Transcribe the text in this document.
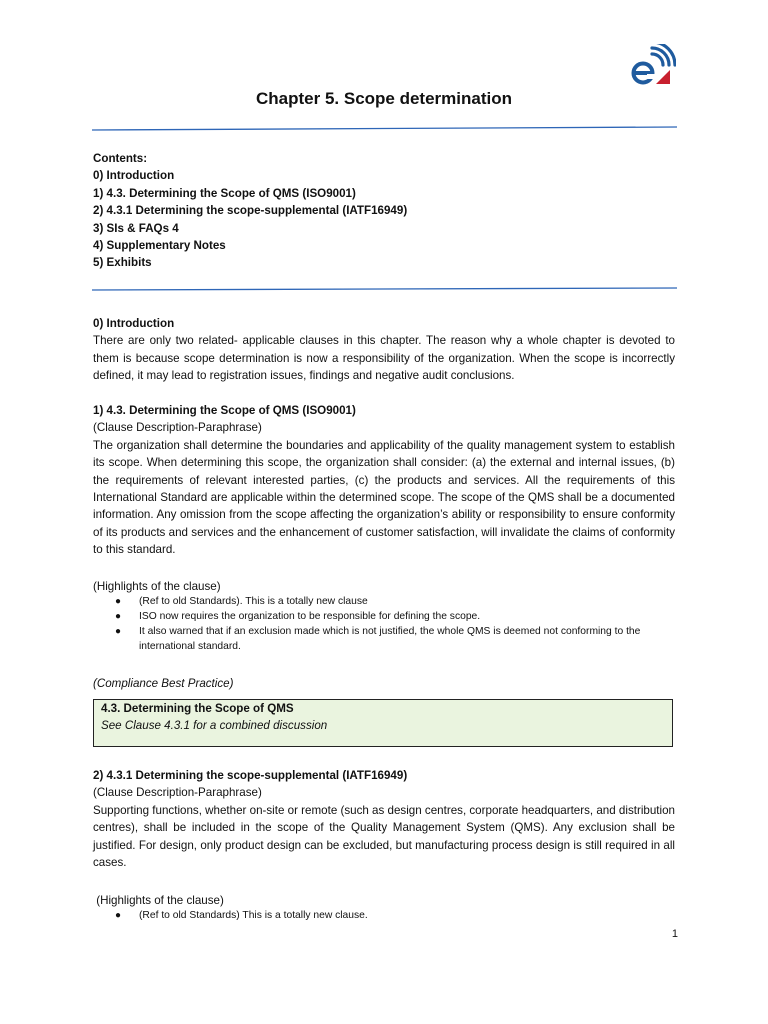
Chapter 5. Scope determination
Contents:
0) Introduction
1) 4.3. Determining the Scope of QMS (ISO9001)
2) 4.3.1 Determining the scope-supplemental (IATF16949)
3) SIs & FAQs 4
4) Supplementary Notes
5) Exhibits
0) Introduction
There are only two related- applicable clauses in this chapter. The reason why a whole chapter is devoted to them is because scope determination is now a responsibility of the organization. When the scope is incorrectly defined, it may lead to registration issues, findings and negative audit conclusions.
1) 4.3. Determining the Scope of QMS (ISO9001)
(Clause Description-Paraphrase)
The organization shall determine the boundaries and applicability of the quality management system to establish its scope. When determining this scope, the organization shall consider: (a) the external and internal issues, (b) the requirements of relevant interested parties, (c) the products and services. All the requirements of this International Standard are applicable within the determined scope. The scope of the QMS shall be a documented information. Any omission from the scope affecting the organization’s ability or responsibility to ensure conformity of its products and services and the enhancement of customer satisfaction, will invalidate the claims of conformity to this standard.
(Highlights of the clause)
● (Ref to old Standards). This is a totally new clause
● ISO now requires the organization to be responsible for defining the scope.
● It also warned that if an exclusion made which is not justified, the whole QMS is deemed not conforming to the international standard.
(Compliance Best Practice)
4.3. Determining the Scope of QMS
See Clause 4.3.1 for a combined discussion
2) 4.3.1 Determining the scope-supplemental (IATF16949)
(Clause Description-Paraphrase)
Supporting functions, whether on-site or remote (such as design centres, corporate headquarters, and distribution centres), shall be included in the scope of the Quality Management System (QMS). Any exclusion shall be justified. For design, only product design can be excluded, but manufacturing process design is still required in all cases.
(Highlights of the clause)
● (Ref to old Standards) This is a totally new clause.
1
